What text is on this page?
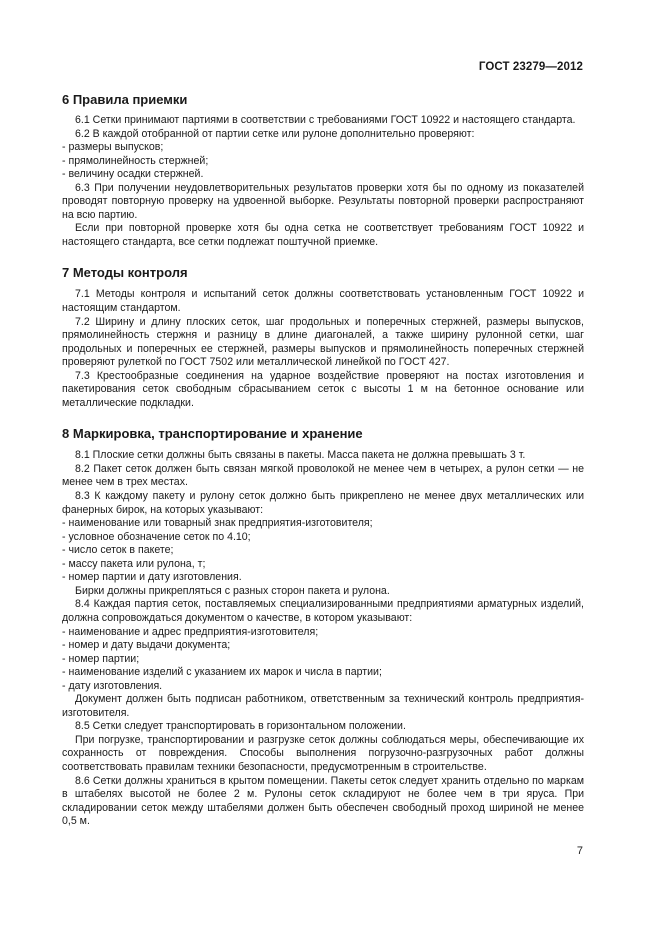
ГОСТ 23279—2012
6 Правила приемки

6.1 Сетки принимают партиями в соответствии с требованиями ГОСТ 10922 и настоящего стандарта.

6.2 В каждой отобранной от партии сетке или рулоне дополнительно проверяют:

- размеры выпусков;

- прямолинейность стержней;

- величину осадки стержней.

6.3 При получении неудовлетворительных результатов проверки хотя бы по одному из показателей проводят повторную проверку на удвоенной выборке. Результаты повторной проверки распространяют на всю партию.

Если при повторной проверке хотя бы одна сетка не соответствует требованиям ГОСТ 10922 и настоящего стандарта, все сетки подлежат поштучной приемке.

7 Методы контроля

7.1 Методы контроля и испытаний сеток должны соответствовать установленным ГОСТ 10922 и настоящим стандартом.

7.2 Ширину и длину плоских сеток, шаг продольных и поперечных стержней, размеры выпусков, прямолинейность стержня и разницу в длине диагоналей, а также ширину рулонной сетки, шаг продольных и поперечных ее стержней, размеры выпусков и прямолинейность поперечных стержней проверяют рулеткой по ГОСТ 7502 или металлической линейкой по ГОСТ 427.

7.3 Крестообразные соединения на ударное воздействие проверяют на постах изготовления и пакетирования сеток свободным сбрасыванием сеток с высоты 1 м на бетонное основание или металлические подкладки.

8 Маркировка, транспортирование и хранение

8.1 Плоские сетки должны быть связаны в пакеты. Масса пакета не должна превышать 3 т.

8.2 Пакет сеток должен быть связан мягкой проволокой не менее чем в четырех, а рулон сетки — не менее чем в трех местах.

8.3 К каждому пакету и рулону сеток должно быть прикреплено не менее двух металлических или фанерных бирок, на которых указывают:

- наименование или товарный знак предприятия-изготовителя;

- условное обозначение сеток по 4.10;

- число сеток в пакете;

- массу пакета или рулона, т;

- номер партии и дату изготовления.

Бирки должны прикрепляться с разных сторон пакета и рулона.

8.4 Каждая партия сеток, поставляемых специализированными предприятиями арматурных изделий, должна сопровождаться документом о качестве, в котором указывают:

- наименование и адрес предприятия-изготовителя;

- номер и дату выдачи документа;

- номер партии;

- наименование изделий с указанием их марок и числа в партии;

- дату изготовления.

Документ должен быть подписан работником, ответственным за технический контроль предприятия-изготовителя.

8.5 Сетки следует транспортировать в горизонтальном положении.

При погрузке, транспортировании и разгрузке сеток должны соблюдаться меры, обеспечивающие их сохранность от повреждения. Способы выполнения погрузочно-разгрузочных работ должны соответствовать правилам техники безопасности, предусмотренным в строительстве.

8.6 Сетки должны храниться в крытом помещении. Пакеты сеток следует хранить отдельно по маркам в штабелях высотой не более 2 м. Рулоны сеток складируют не более чем в три яруса. При складировании сеток между штабелями должен быть обеспечен свободный проход шириной не менее 0,5 м.

7
